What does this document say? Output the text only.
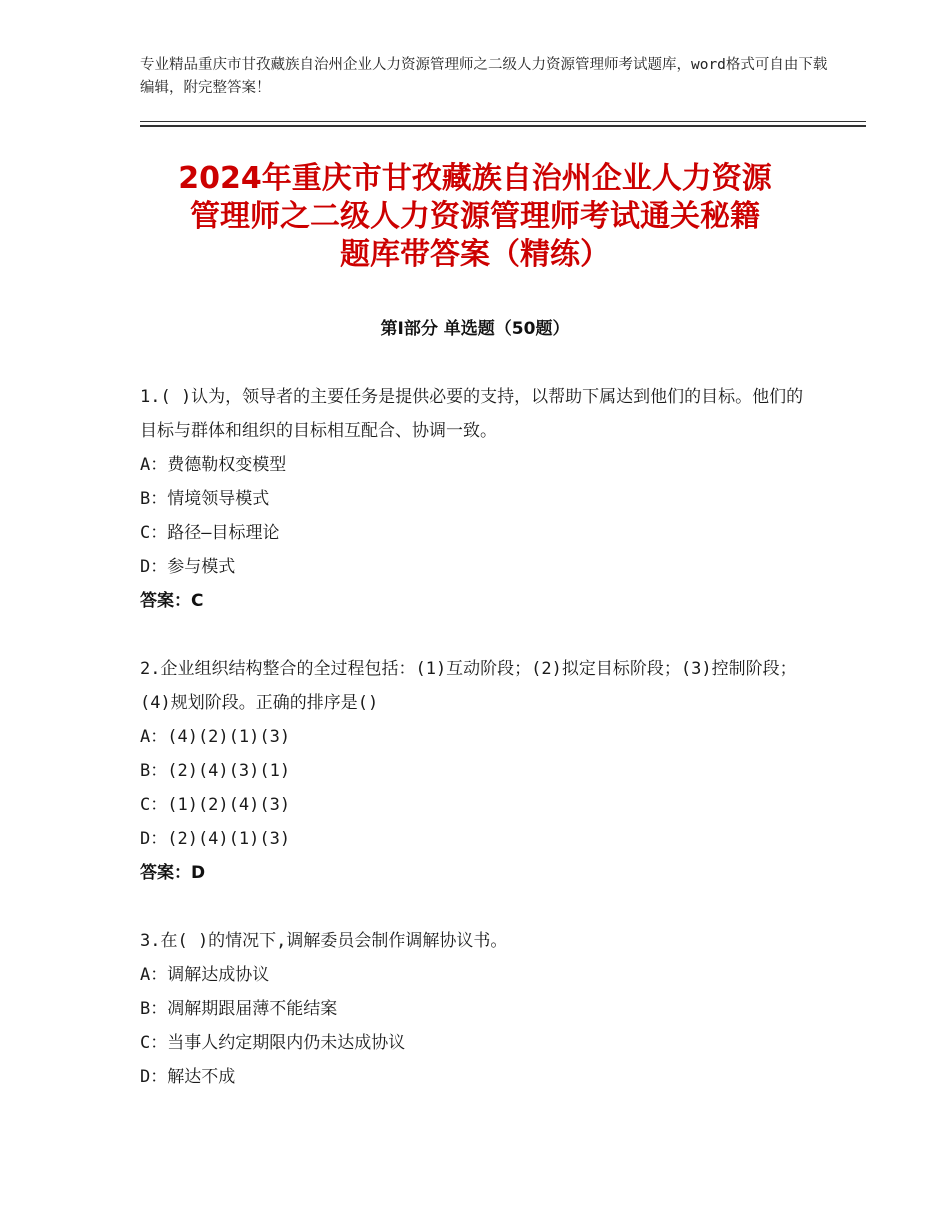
专业精品重庆市甘孜藏族自治州企业人力资源管理师之二级人力资源管理师考试题库，word格式可自由下载编辑，附完整答案！
2024年重庆市甘孜藏族自治州企业人力资源
管理师之二级人力资源管理师考试通关秘籍
题库带答案（精练）
第Ⅰ部分 单选题（50题）
1.( )认为，领导者的主要任务是提供必要的支持，以帮助下属达到他们的目标。他们的目标与群体和组织的目标相互配合、协调一致。
A：费德勒权变模型
B：情境领导模式
C：路径—目标理论
D：参与模式
答案：C
2.企业组织结构整合的全过程包括：(1)互动阶段；(2)拟定目标阶段；(3)控制阶段；(4)规划阶段。正确的排序是()
A：(4)(2)(1)(3)
B：(2)(4)(3)(1)
C：(1)(2)(4)(3)
D：(2)(4)(1)(3)
答案：D
3.在( )的情况下,调解委员会制作调解协议书。
A：调解达成协议
B：凋解期跟届薄不能结案
C：当事人约定期限内仍未达成协议
D：解达不成
